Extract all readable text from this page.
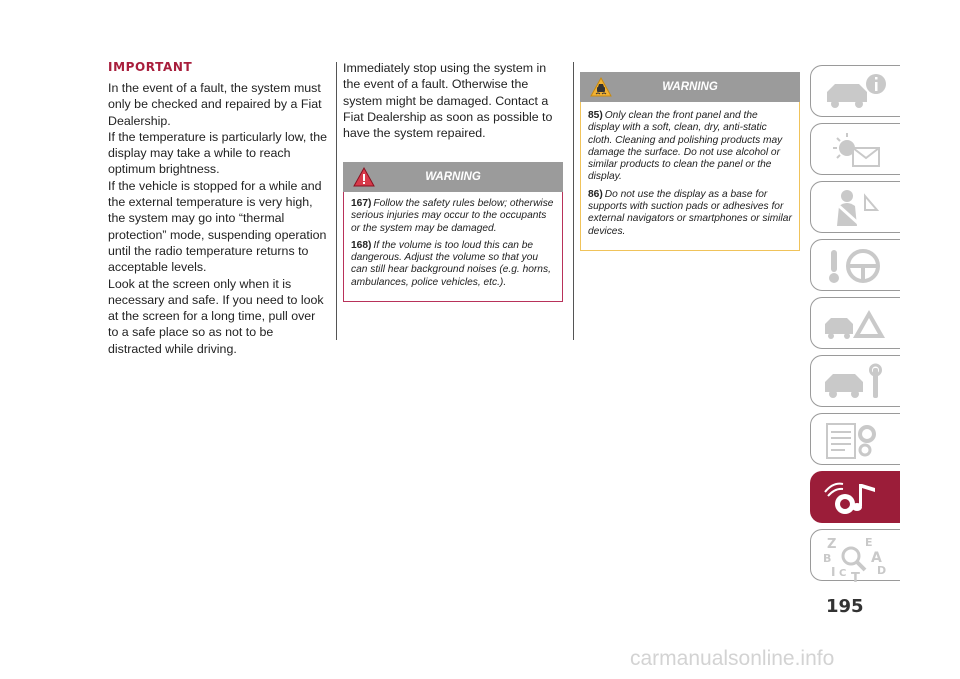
IMPORTANT

In the event of a fault, the system must only be checked and repaired by a Fiat Dealership.

If the temperature is particularly low, the display may take a while to reach optimum brightness.

If the vehicle is stopped for a while and the external temperature is very high, the system may go into “thermal protection” mode, suspending operation until the radio temperature returns to acceptable levels.

Look at the screen only when it is necessary and safe. If you need to look at the screen for a long time, pull over to a safe place so as not to be distracted while driving.

Immediately stop using the system in the event of a fault. Otherwise the system might be damaged. Contact a Fiat Dealership as soon as possible to have the system repaired.

WARNING

167) Follow the safety rules below; otherwise serious injuries may occur to the occupants or the system may be damaged.

168) If the volume is too loud this can be dangerous. Adjust the volume so that you can still hear background noises (e.g. horns, ambulances, police vehicles, etc.).

WARNING

85) Only clean the front panel and the display with a soft, clean, dry, anti-static cloth. Cleaning and polishing products may damage the surface. Do not use alcohol or similar products to clean the panel or the display.

86) Do not use the display as a base for supports with suction pads or adhesives for external navigators or smartphones or similar devices.

Z	E
B	A
I C T
D
195
carmanualsonline.info
